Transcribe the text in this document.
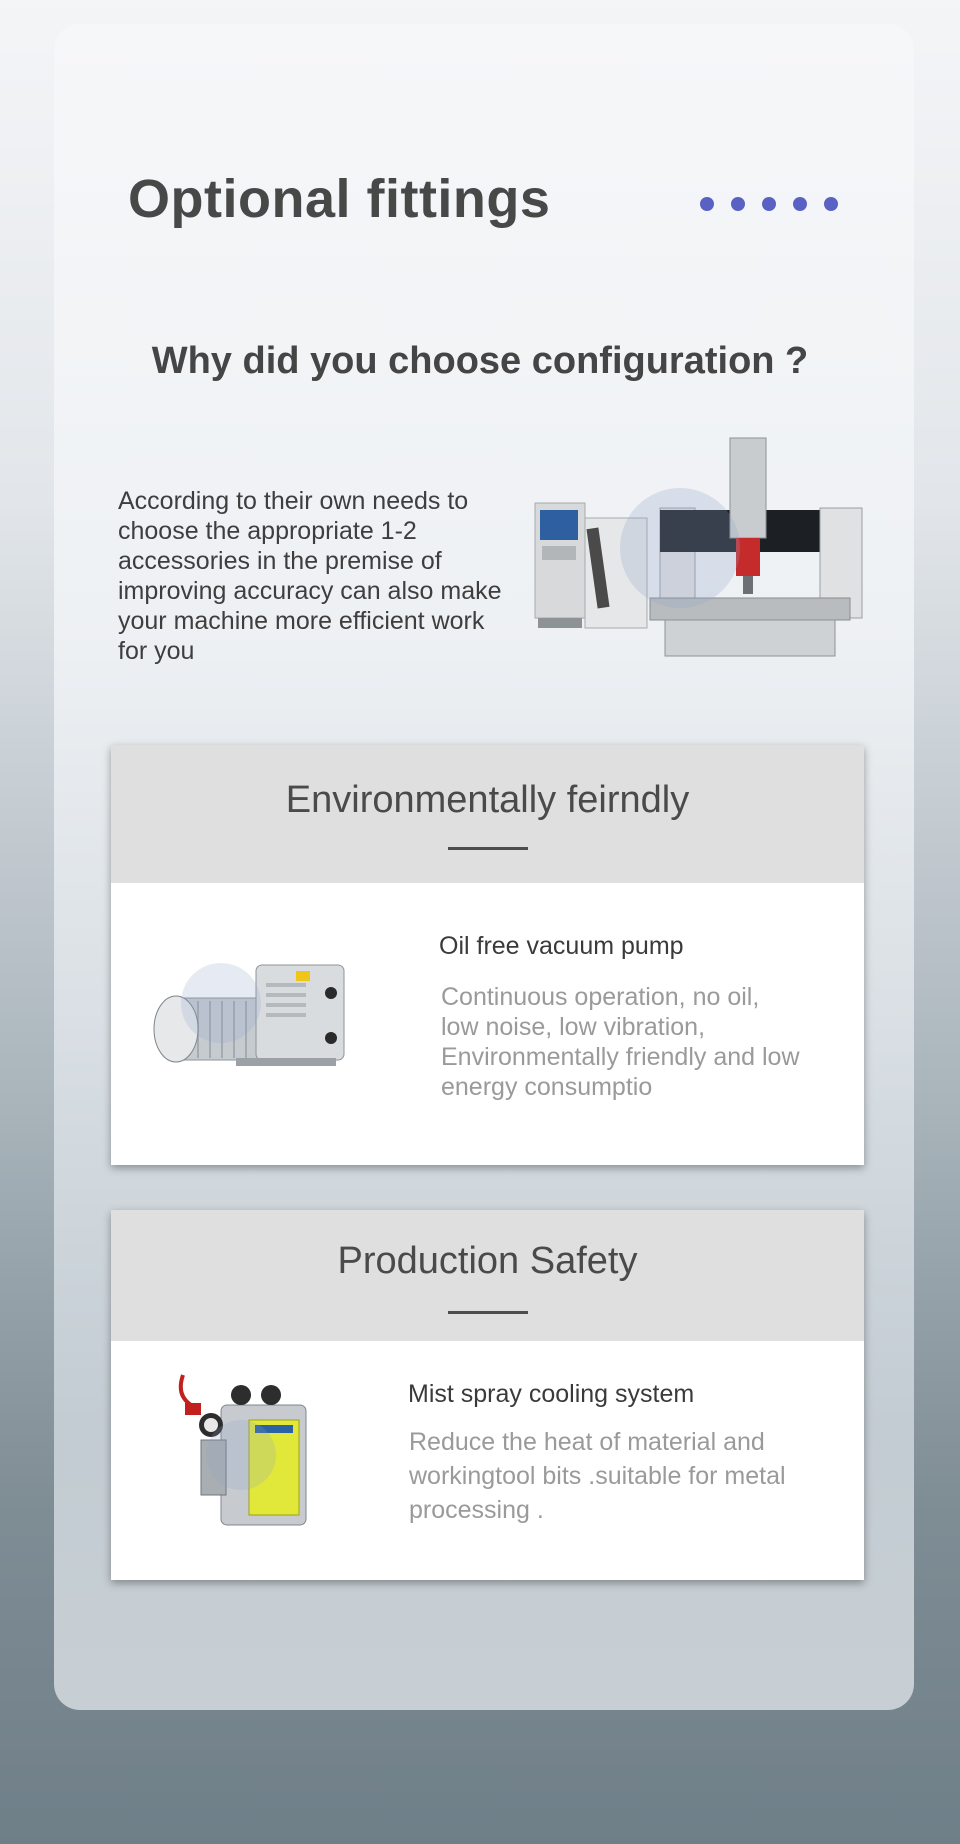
Optional fittings
Why did you choose configuration ?

According to their own needs to choose the appropriate 1-2 accessories in the premise of improving accuracy can also make your machine more efficient work for you

Environmentally feirndly
Oil free vacuum pump
Continuous operation, no oil, low noise, low vibration, Environmentally friendly and low energy consumptio
Production Safety
Mist spray cooling system
Reduce the heat of material and workingtool bits .suitable for metal processing .
